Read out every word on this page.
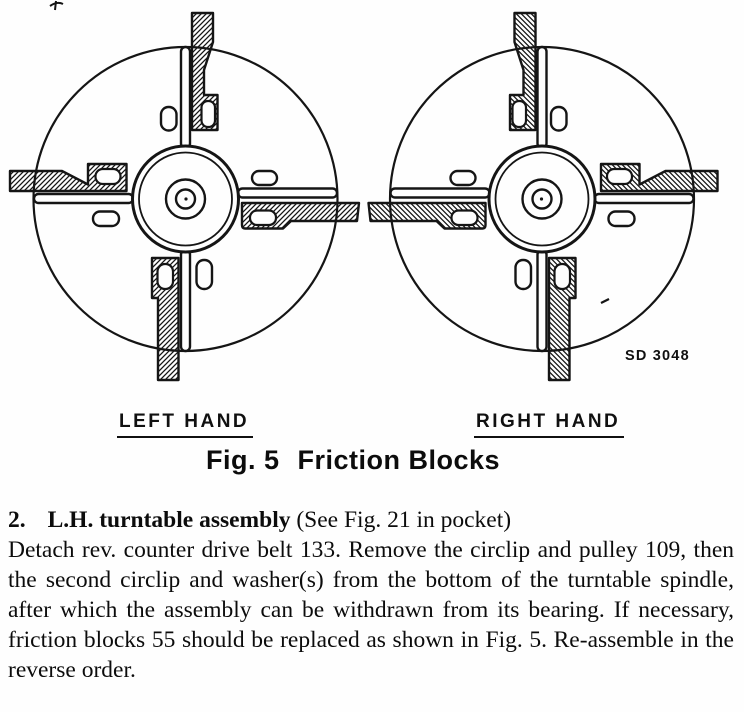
SD 3048
LEFT HAND	RIGHT HAND
Fig. 5 Friction Blocks
2. L.H. turntable assembly (See Fig. 21 in pocket)
Detach rev. counter drive belt 133. Remove the circlip and pulley 109, then the second circlip and washer(s) from the bottom of the turntable spindle, after which the assembly can be withdrawn from its bearing. If necessary, friction blocks 55 should be replaced as shown in Fig. 5. Re-assemble in the reverse order.
